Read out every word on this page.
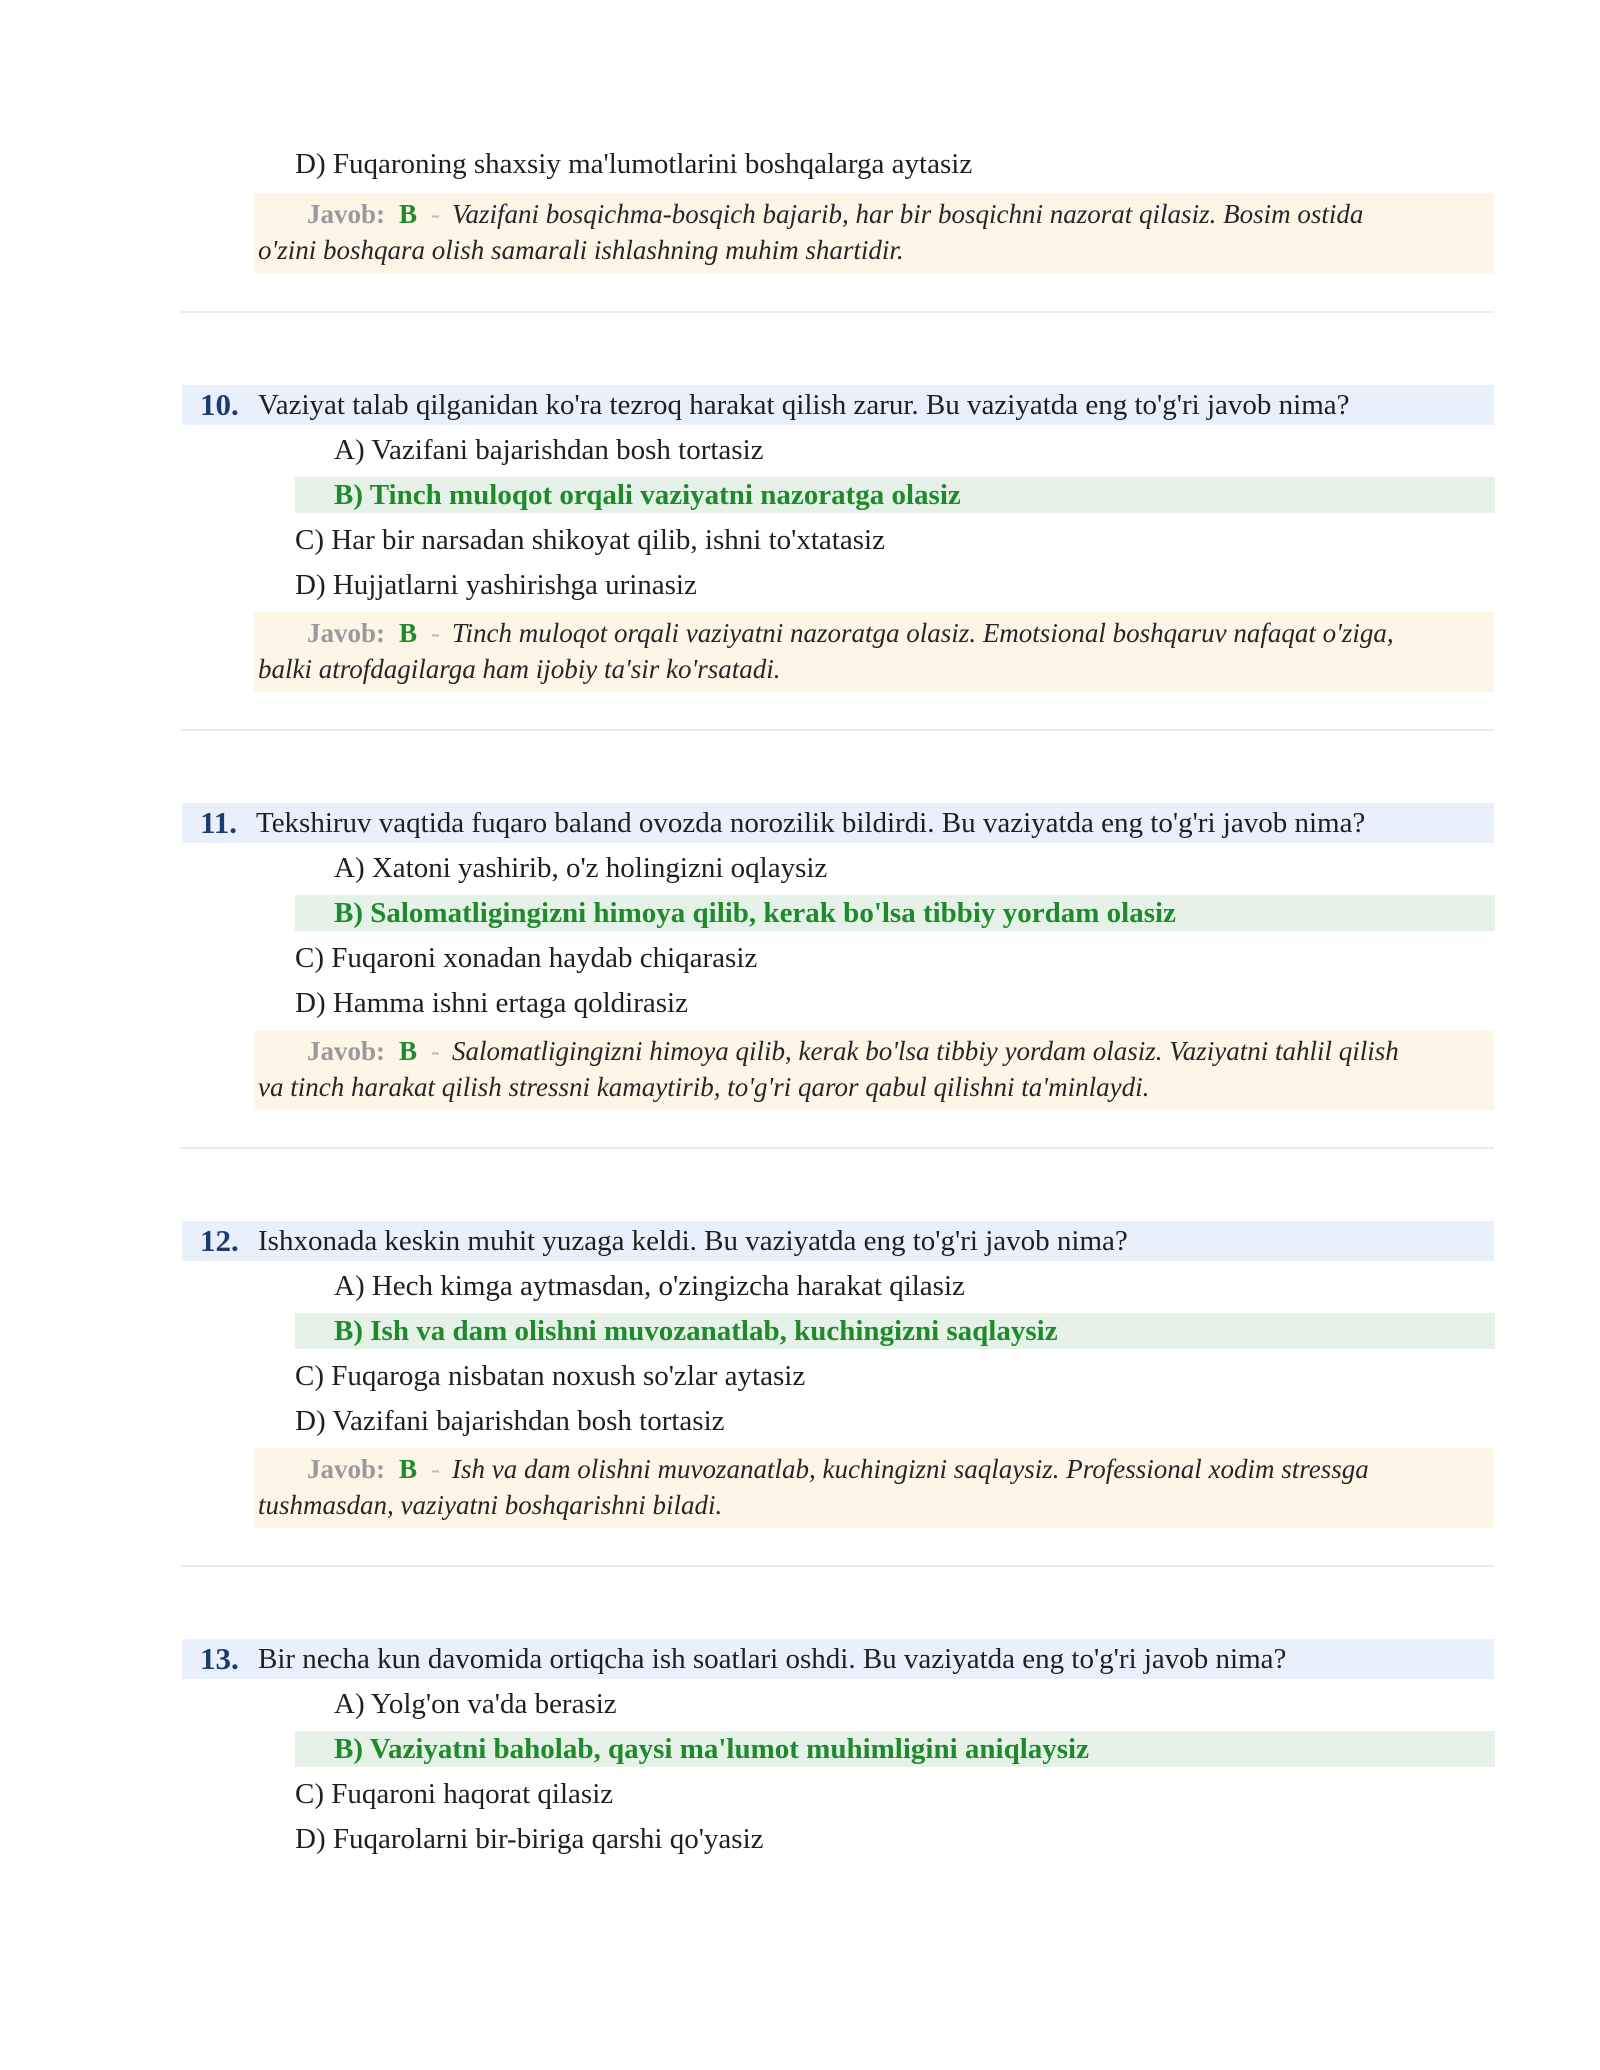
D) Fuqaroning shaxsiy ma'lumotlarini boshqalarga aytasiz
Javob: B - Vazifani bosqichma-bosqich bajarib, har bir bosqichni nazorat qilasiz. Bosim ostida
o'zini boshqara olish samarali ishlashning muhim shartidir.
10. Vaziyat talab qilganidan ko'ra tezroq harakat qilish zarur. Bu vaziyatda eng to'g'ri javob nima?
A) Vazifani bajarishdan bosh tortasiz
B) Tinch muloqot orqali vaziyatni nazoratga olasiz
C) Har bir narsadan shikoyat qilib, ishni to'xtatasiz
D) Hujjatlarni yashirishga urinasiz
Javob: B - Tinch muloqot orqali vaziyatni nazoratga olasiz. Emotsional boshqaruv nafaqat o'ziga,
balki atrofdagilarga ham ijobiy ta'sir ko'rsatadi.
11. Tekshiruv vaqtida fuqaro baland ovozda norozilik bildirdi. Bu vaziyatda eng to'g'ri javob nima?
A) Xatoni yashirib, o'z holingizni oqlaysiz
B) Salomatligingizni himoya qilib, kerak bo'lsa tibbiy yordam olasiz
C) Fuqaroni xonadan haydab chiqarasiz
D) Hamma ishni ertaga qoldirasiz
Javob: B - Salomatligingizni himoya qilib, kerak bo'lsa tibbiy yordam olasiz. Vaziyatni tahlil qilish
va tinch harakat qilish stressni kamaytirib, to'g'ri qaror qabul qilishni ta'minlaydi.
12. Ishxonada keskin muhit yuzaga keldi. Bu vaziyatda eng to'g'ri javob nima?
A) Hech kimga aytmasdan, o'zingizcha harakat qilasiz
B) Ish va dam olishni muvozanatlab, kuchingizni saqlaysiz
C) Fuqaroga nisbatan noxush so'zlar aytasiz
D) Vazifani bajarishdan bosh tortasiz
Javob: B - Ish va dam olishni muvozanatlab, kuchingizni saqlaysiz. Professional xodim stressga
tushmasdan, vaziyatni boshqarishni biladi.
13. Bir necha kun davomida ortiqcha ish soatlari oshdi. Bu vaziyatda eng to'g'ri javob nima?
A) Yolg'on va'da berasiz
B) Vaziyatni baholab, qaysi ma'lumot muhimligini aniqlaysiz
C) Fuqaroni haqorat qilasiz
D) Fuqarolarni bir-biriga qarshi qo'yasiz
